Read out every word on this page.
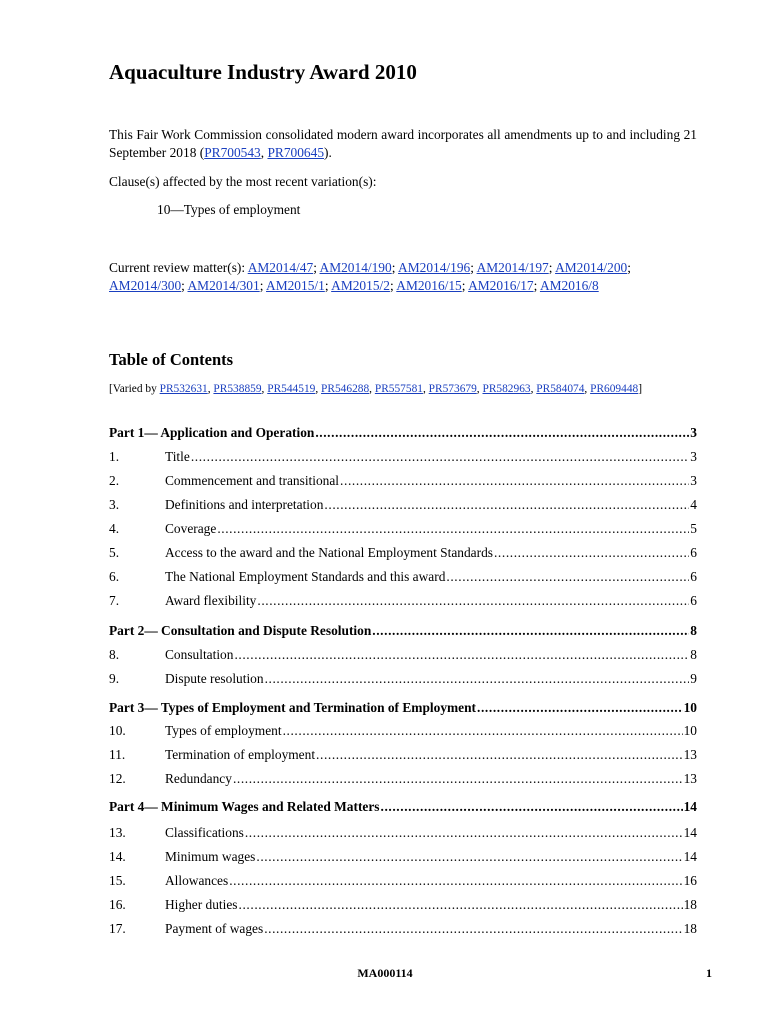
Aquaculture Industry Award 2010
This Fair Work Commission consolidated modern award incorporates all amendments up to and including 21 September 2018 (PR700543, PR700645).
Clause(s) affected by the most recent variation(s):
10—Types of employment
Current review matter(s): AM2014/47; AM2014/190; AM2014/196; AM2014/197; AM2014/200; AM2014/300; AM2014/301; AM2015/1; AM2015/2; AM2016/15; AM2016/17; AM2016/8
Table of Contents
[Varied by PR532631, PR538859, PR544519, PR546288, PR557581, PR573679, PR582963, PR584074, PR609448]
Part 1— Application and Operation .....	3
1.	Title .....	3
2.	Commencement and transitional .....	3
3.	Definitions and interpretation .....	4
4.	Coverage .....	5
5.	Access to the award and the National Employment Standards .....	6
6.	The National Employment Standards and this award .....	6
7.	Award flexibility .....	6
Part 2— Consultation and Dispute Resolution .....	8
8.	Consultation .....	8
9.	Dispute resolution .....	9
Part 3— Types of Employment and Termination of Employment .....	10
10.	Types of employment .....	10
11.	Termination of employment .....	13
12.	Redundancy .....	13
Part 4— Minimum Wages and Related Matters .....	14
13.	Classifications .....	14
14.	Minimum wages .....	14
15.	Allowances .....	16
16.	Higher duties .....	18
17.	Payment of wages .....	18
MA000114	1
